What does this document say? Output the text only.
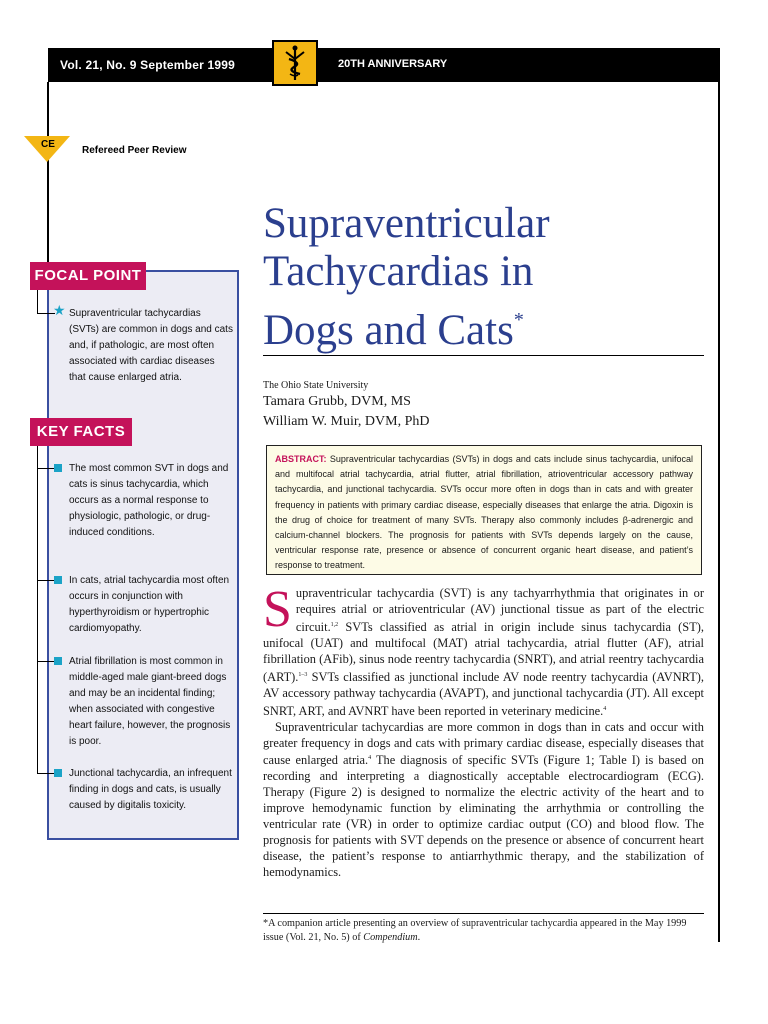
Vol. 21, No. 9 September 1999	20TH ANNIVERSARY
CE
Refereed Peer Review
Supraventricular
Tachycardias in
Dogs and Cats*
The Ohio State University
Tamara Grubb, DVM, MS
William W. Muir, DVM, PhD
ABSTRACT: Supraventricular tachycardias (SVTs) in dogs and cats include sinus tachycardia, unifocal and multifocal atrial tachycardia, atrial flutter, atrial fibrillation, atrioventricular accessory pathway tachycardia, and junctional tachycardia. SVTs occur more often in dogs than in cats and with greater frequency in patients with primary cardiac disease, especially diseases that enlarge the atria. Digoxin is the drug of choice for treatment of many SVTs. Therapy also commonly includes β-adrenergic and calcium-channel blockers. The prognosis for patients with SVTs depends largely on the cause, ventricular response rate, presence or absence of concurrent organic heart disease, and patient’s response to treatment.

Supraventricular tachycardia (SVT) is any tachyarrhythmia that originates in or requires atrial or atrioventricular (AV) junctional tissue as part of the electric circuit.$^{1,2}$ SVTs classified as atrial in origin include sinus tachycardia (ST), unifocal (UAT) and multifocal (MAT) atrial tachycardia, atrial flutter (AF), atrial fibrillation (AFib), sinus node reentry tachycardia (SNRT), and atrial reentry tachycardia (ART).$^{1-3}$ SVTs classified as junctional include AV node reentry tachycardia (AVNRT), AV accessory pathway tachycardia (AVAPT), and junctional tachycardia (JT). All except SNRT, ART, and AVNRT have been reported in veterinary medicine.$^4$

Supraventricular tachycardias are more common in dogs than in cats and occur with greater frequency in dogs and cats with primary cardiac disease, especially diseases that cause enlarged atria.$^4$ The diagnosis of specific SVTs (Figure 1; Table I) is based on recording and interpreting a diagnostically acceptable electrocardiogram (ECG). Therapy (Figure 2) is designed to normalize the electric activity of the heart and to improve hemodynamic function by eliminating the arrhythmia or controlling the ventricular rate (VR) in order to optimize cardiac output (CO) and blood flow. The prognosis for patients with SVT depends on the presence or absence of concurrent heart disease, the patient’s response to antiarrhythmic therapy, and the stabilization of hemodynamics.

*A companion article presenting an overview of supraventricular tachycardia appeared in the May 1999 issue (Vol. 21, No. 5) of Compendium.
FOCAL POINT
KEY FACTS
★ Supraventricular tachycardias (SVTs) are common in dogs and cats and, if pathologic, are most often associated with cardiac diseases that cause enlarged atria.
The most common SVT in dogs and cats is sinus tachycardia, which occurs as a normal response to physiologic, pathologic, or drug-induced conditions.
In cats, atrial tachycardia most often occurs in conjunction with hyperthyroidism or hypertrophic cardiomyopathy.
Atrial fibrillation is most common in middle-aged male giant-breed dogs and may be an incidental finding; when associated with congestive heart failure, however, the prognosis is poor.
Junctional tachycardia, an infrequent finding in dogs and cats, is usually caused by digitalis toxicity.
